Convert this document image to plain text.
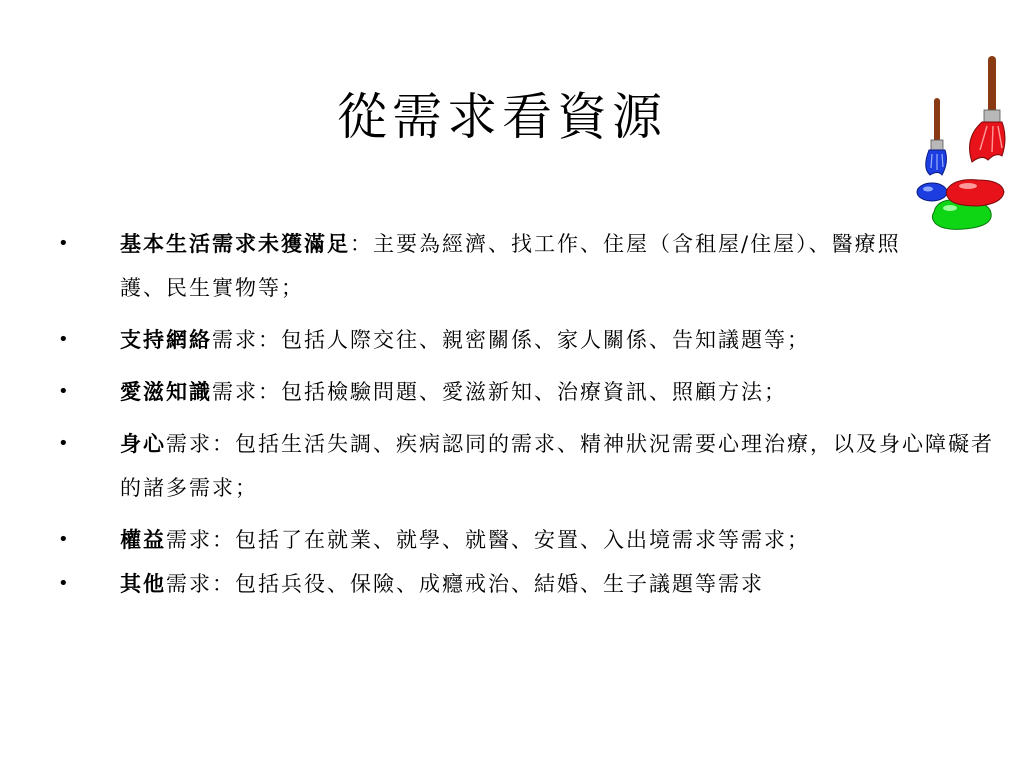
從需求看資源
•	基本生活需求未獲滿足：主要為經濟、找工作、住屋（含租屋/住屋）、醫療照護、民生實物等；
•	支持網絡需求：包括人際交往、親密關係、家人關係、告知議題等；
•	愛滋知識需求：包括檢驗問題、愛滋新知、治療資訊、照顧方法；
•	身心需求：包括生活失調、疾病認同的需求、精神狀況需要心理治療，以及身心障礙者的諸多需求；
•	權益需求：包括了在就業、就學、就醫、安置、入出境需求等需求；
•	其他需求：包括兵役、保險、成癮戒治、結婚、生子議題等需求
